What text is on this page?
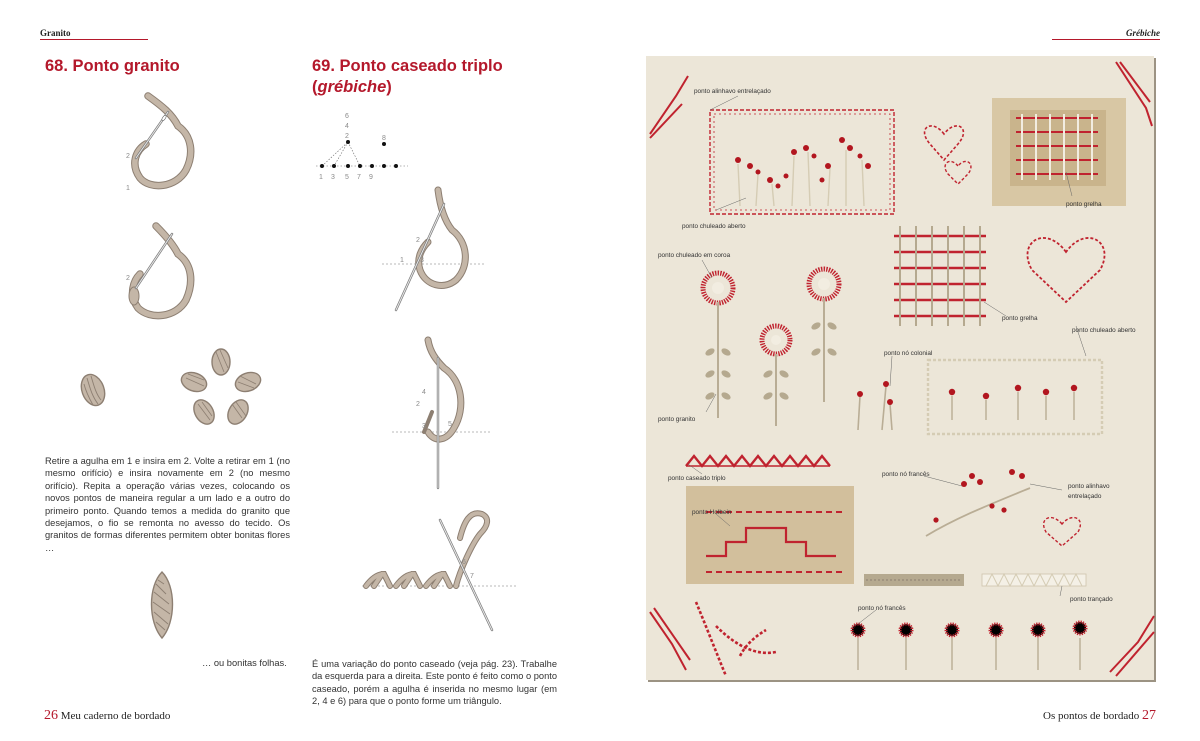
Granito
68. Ponto granito	69. Ponto caseado triplo
(grébiche)
2
1
2
Retire a agulha em 1 e insira em 2. Volte a retirar em 1 (no mesmo orifício) e insira novamente em 2 (no mesmo orifício). Repita a operação várias vezes, colocando os novos pontos de maneira regular a um lado e a outro do primeiro ponto. Quando temos a medida do granito que desejamos, o fio se remonta no avesso do tecido. Os granitos de formas diferentes permitem obter bonitas flores …
… ou bonitas folhas.
6
4
2	8
1 3 5 7 9
2
1 3
4
2
3	5
6
7
É uma variação do ponto caseado (veja pág. 23). Trabalhe da esquerda para a direita. Este ponto é feito como o ponto caseado, porém a agulha é inserida no mesmo lugar (em 2, 4 e 6) para que o ponto forme um triângulo.
26 Meu caderno de bordado
Grébiche
ponto alinhavo entrelaçado
ponto grelha
ponto chuleado aberto
ponto chuleado em coroa
ponto grelha
ponto chuleado aberto
ponto nó colonial
ponto granito
ponto caseado triplo
ponto nó francês
ponto alinhavo
entrelaçado
ponto Holbein
ponto trançado
ponto nó francês
Os pontos de bordado 27
